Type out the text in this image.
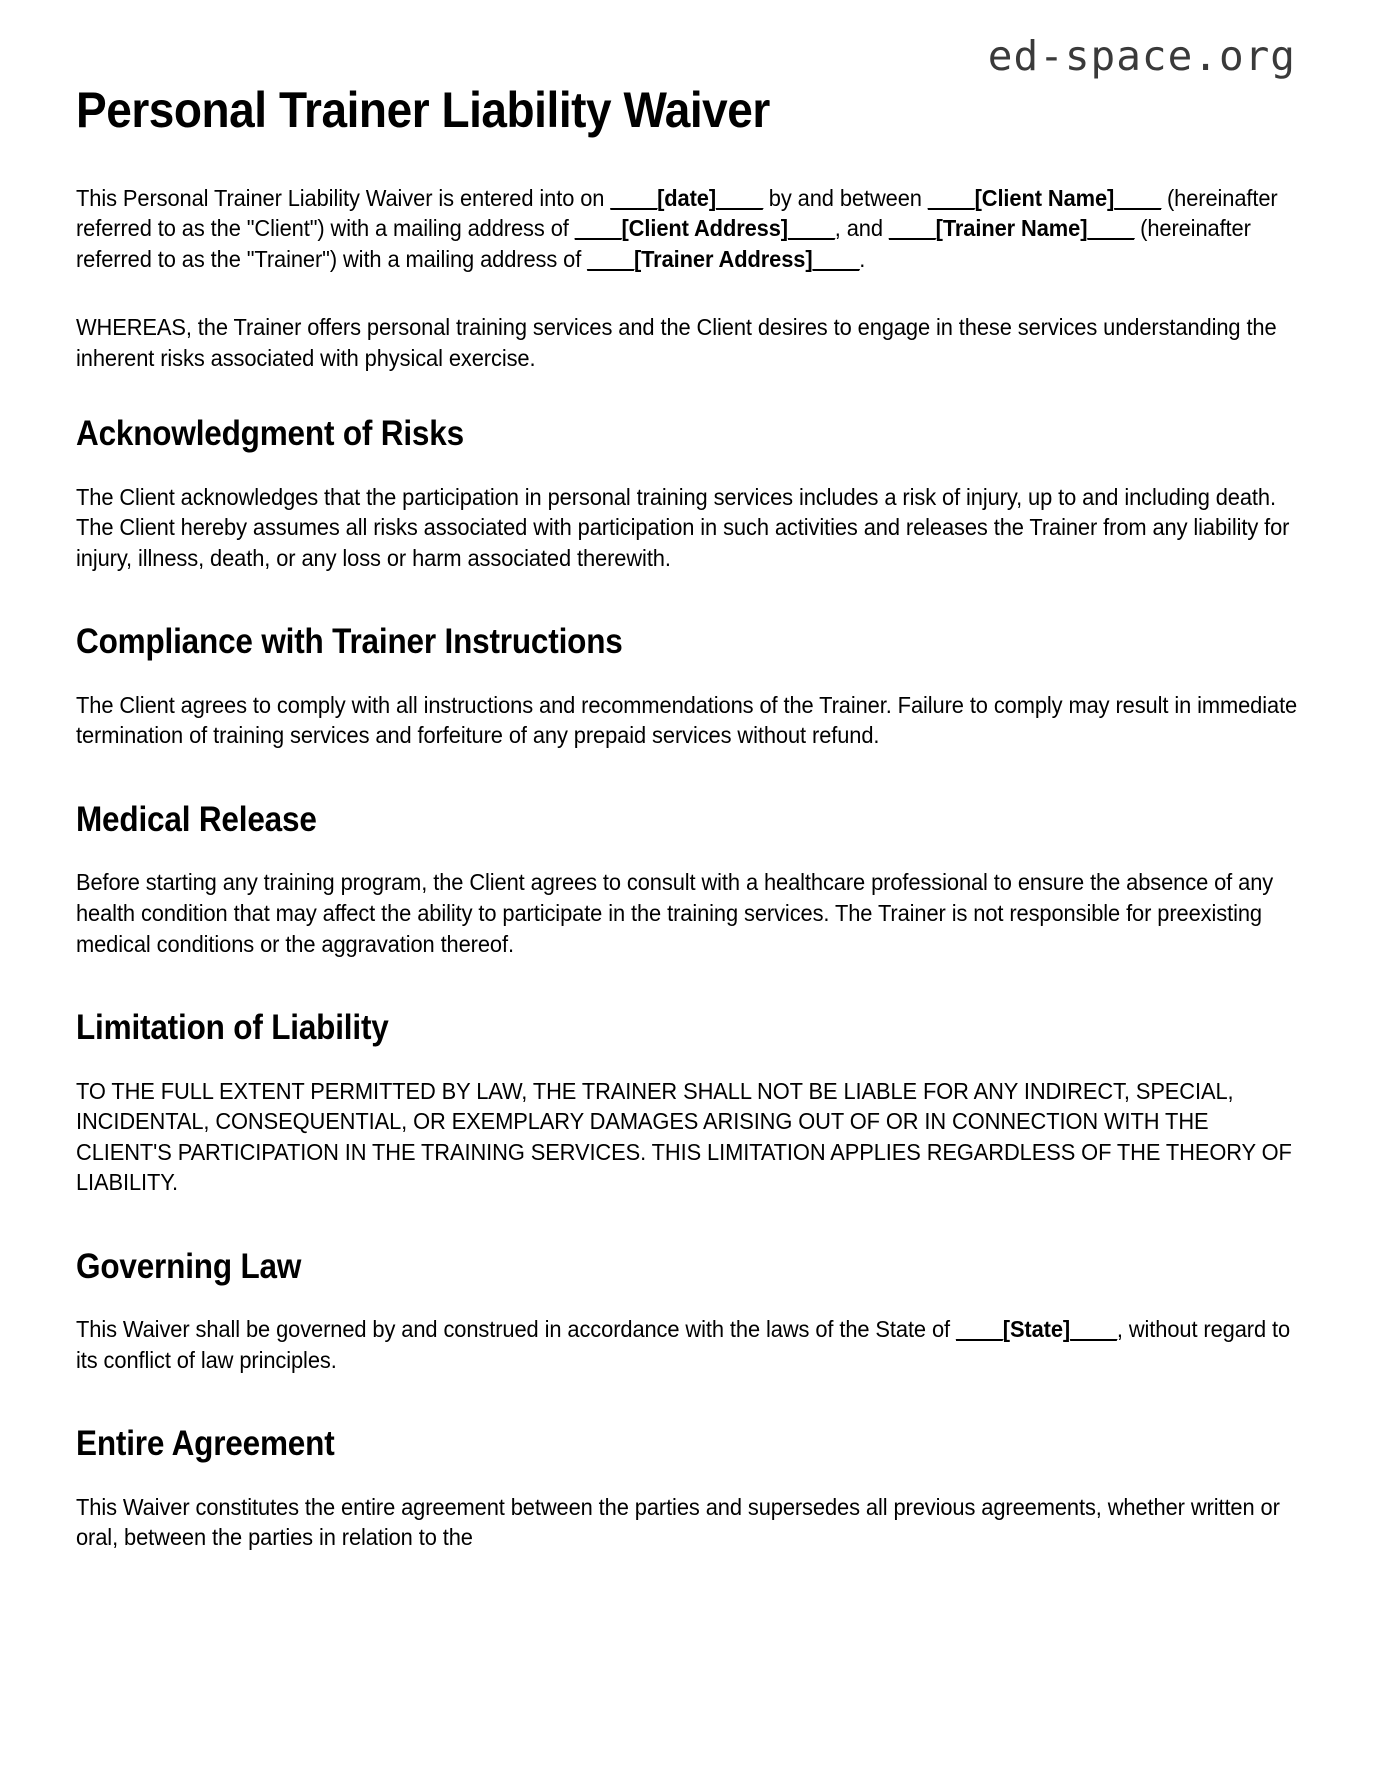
ed-space.org
Personal Trainer Liability Waiver

This Personal Trainer Liability Waiver is entered into on ____[date]____ by and between ____[Client Name]____ (hereinafter referred to as the "Client") with a mailing address of ____[Client Address]____, and ____[Trainer Name]____ (hereinafter referred to as the "Trainer") with a mailing address of ____[Trainer Address]____.

WHEREAS, the Trainer offers personal training services and the Client desires to engage in these services understanding the inherent risks associated with physical exercise.

Acknowledgment of Risks

The Client acknowledges that the participation in personal training services includes a risk of injury, up to and including death. The Client hereby assumes all risks associated with participation in such activities and releases the Trainer from any liability for injury, illness, death, or any loss or harm associated therewith.

Compliance with Trainer Instructions

The Client agrees to comply with all instructions and recommendations of the Trainer. Failure to comply may result in immediate termination of training services and forfeiture of any prepaid services without refund.

Medical Release

Before starting any training program, the Client agrees to consult with a healthcare professional to ensure the absence of any health condition that may affect the ability to participate in the training services. The Trainer is not responsible for preexisting medical conditions or the aggravation thereof.

Limitation of Liability

TO THE FULL EXTENT PERMITTED BY LAW, THE TRAINER SHALL NOT BE LIABLE FOR ANY INDIRECT, SPECIAL, INCIDENTAL, CONSEQUENTIAL, OR EXEMPLARY DAMAGES ARISING OUT OF OR IN CONNECTION WITH THE CLIENT'S PARTICIPATION IN THE TRAINING SERVICES. THIS LIMITATION APPLIES REGARDLESS OF THE THEORY OF LIABILITY.

Governing Law

This Waiver shall be governed by and construed in accordance with the laws of the State of ____[State]____, without regard to its conflict of law principles.

Entire Agreement

This Waiver constitutes the entire agreement between the parties and supersedes all previous agreements, whether written or oral, between the parties in relation to the
